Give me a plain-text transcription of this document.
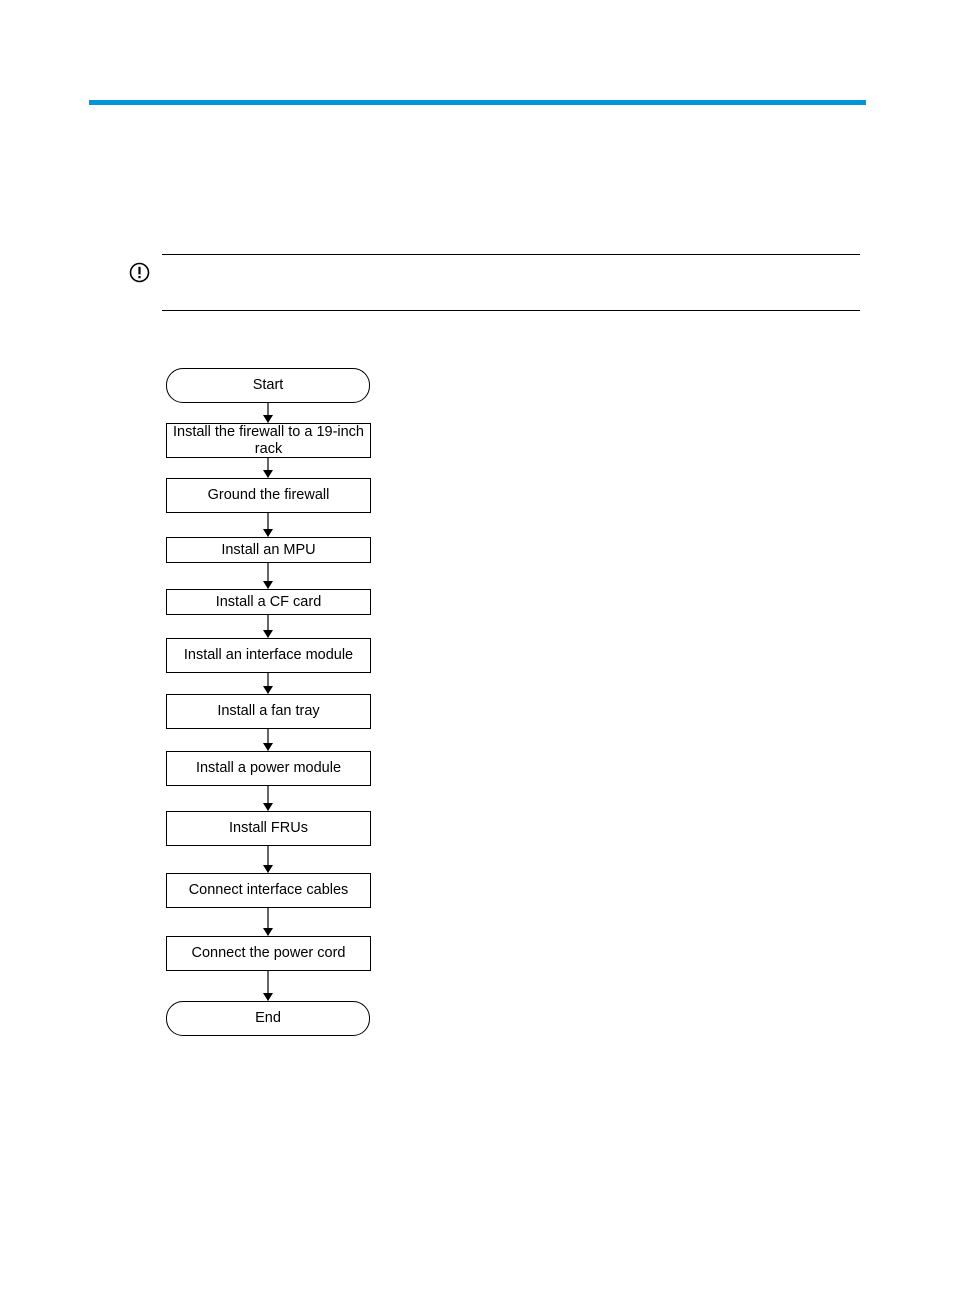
Start
Install the firewall to a 19-inch rack
Ground the firewall
Install an MPU
Install a CF card
Install an interface module
Install a fan tray
Install a power module
Install FRUs
Connect interface cables
Connect the power cord
End
